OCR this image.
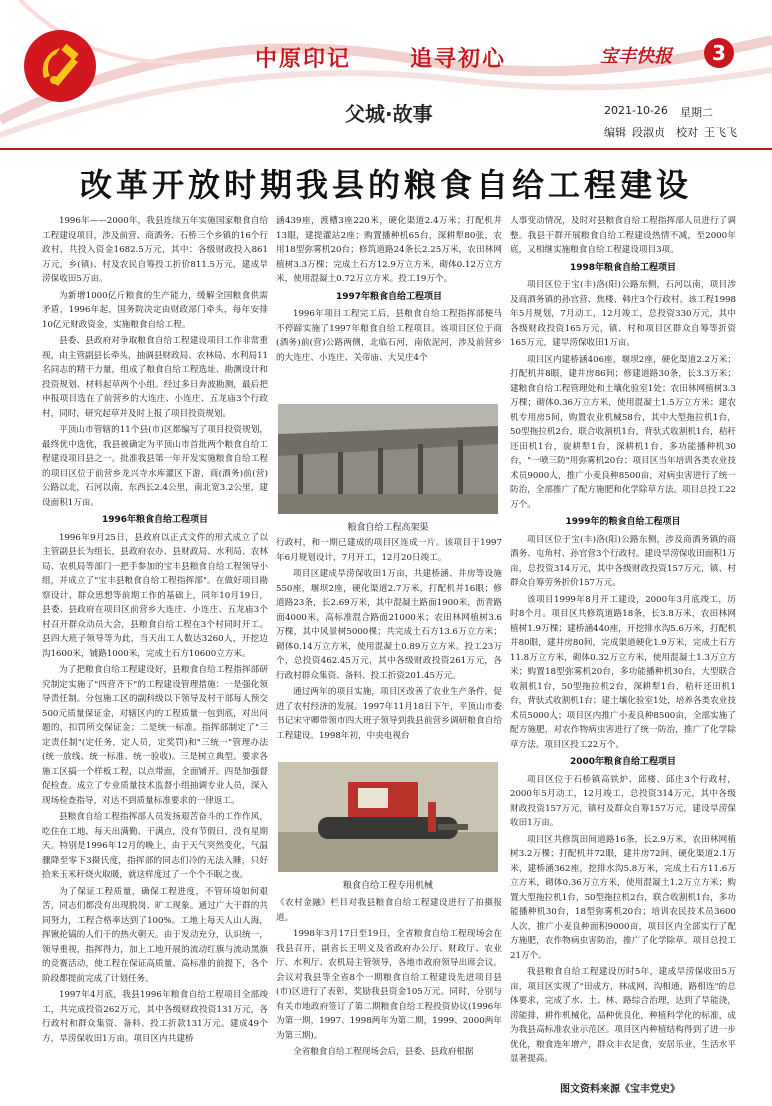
中原印记	追寻初心	宝丰快报	3
父城·故事	2021-10-26 星期二
编辑 段淑贞 校对 王飞飞
改革开放时期我县的粮食自给工程建设

1996年——2000年，我县连续五年实施国家粮食自给工程建设项目，涉及前营、商酒务、石桥三个乡镇的16个行政村，共投入资金1682.5万元，其中：各级财政投入861万元，乡(镇)、村及农民自筹投工折价811.5万元，建成旱涝保收田5万亩。

为新增1000亿斤粮食的生产能力，缓解全国粮食供需矛盾，1996年起，国务院决定由财政部门牵头，每年安排10亿元财政资金，实施粮食自给工程。

县委、县政府对争取粮食自给工程建设项目工作非常重视，由主管副县长牵头，抽调县财政局、农林局、水利局11名同志的精干力量，组成了粮食自给工程选址、勘测设计和投资规划、材料起草两个小组。经过多日奔波勘测，最后把申报项目选在了前营乡的大连庄、小连庄、五龙庙3个行政村，同时，研究起草并及时上报了项目投资规划。

平顶山市管辖的11个县(市)区都编写了项目投资规划，最终优中选优，我县被确定为平顶山市首批两个粮食自给工程建设项目县之一。批准我县第一年开发实施粮食自给工程的项目区位于前营乡龙兴寺水库灌区下游，商(酒务)前(营)公路以北，石河以南，东西长2.4公里，南北宽3.2公里，建设面积1万亩。

1996年粮食自给工程项目

1996年9月25日，县政府以正式文件的形式成立了以主管副县长为组长，县政府农办、县财政局、水利局、农林局、农机局等部门一把手参加的宝丰县粮食自给工程领导小组，并成立了"宝丰县粮食自给工程指挥部"。在做好项目勘察设计、群众思想等前期工作的基础上，同年10月19日，县委、县政府在项目区前营乡大连庄、小连庄、五龙庙3个村召开群众动员大会，县粮食自给工程在3个村同时开工。县四大班子领导等为此，当天出工人数达3260人，开挖边沟1600米，铺路1000米，完成土石方10600立方米。

为了把粮食自给工程建设好，县粮食自给工程指挥部研究制定实施了"四营齐下"的工程建设管理措施：一是强化领导责任制。分包施工区的副科级以下领导及村干部每人预交500元质量保证金，对辖区内的工程质量一包到底，对出问题的，扣罚所交保证金；二是统一标准。指挥部制定了"三定责任制"(定任务，定人员，定奖罚)和"三统一"管理办法(统一放线、统一标准、统一验收)。三是树立典型。要求各施工区搞一个样板工程，以点带面，全面铺开。四是加强督促检查。成立了专业质量技术监督小组抽调专业人员，深入现场检查指导，对达不到质量标准要求的一律返工。

县粮食自给工程指挥部人员发扬艰苦奋斗的工作作风，吃住在工地，每天出满勤、干满点，没有节假日，没有星期天。特别是1996年12月的晚上，由于天气突然变化，气温骤降至零下3摄氏度，指挥部的同志们冷的无法入睡，只好拾来玉米秆烧火取暖，就这样度过了一个个不眠之夜。

为了保证工程质量，确保工程进度，不管环境如何艰苦，同志们都没有出现脱岗、旷工现象。通过广大干群的共同努力，工程合格率达到了100%。工地上每天人山人海，挥锹抡镐的人们干的热火朝天。由于发动充分，认识统一，领导重视，指挥得力，加上工地开展的流动红旗与流动黑旗的竞赛活动，使工程在保证高质量、高标准的前提下，各个阶段都提前完成了计划任务。

1997年4月底，我县1996年粮食自给工程项目全部竣工，共完成投资262万元，其中各级财政投资131万元，各行政村和群众集资、备料、投工折款131万元。建成49个方，旱涝保收田1万亩。项目区内共建桥

涵439座，渡槽3座220米，硬化渠道2.4万米；打配机井13眼，建提灌站2座；购置播种机65台，深耕犁80张，农用18型弥雾机20台；修筑道路24条长2.25万米，农田林网植树3.3万棵；完成土石方12.9万立方米，砌体0.12万立方米，使用混凝土0.72万立方米。投工19万个。

1997年粮食自给工程项目

1996年项目工程完工后，县粮食自给工程指挥部便马不停蹄实施了1997年粮食自给工程项目。该项目区位于商(酒务)前(营)公路两侧，北临石河，南依泥河，涉及前营乡的大连庄、小连庄、关帝庙、大吴庄4个

粮食自给工程高架渠

行政村，和一期已建成的项目区连成一片。该项目于1997年6月规划设计，7月开工，12月20日竣工。

项目区建成旱涝保收田1万亩，共建桥涵、井房等设施550座，堰坝2座，硬化渠道2.7万米，打配机井16眼；修道路23条，长2.69万米，其中混凝土路面1900米，沥青路面4000米，高标准混合路面21000米；农田林网植树3.6万棵，其中风景树5000棵；共完成土石方13.6万立方米；砌体0.14万立方米，使用混凝土0.89万立方米。投工23万个，总投资462.45万元，其中各级财政投资261万元，各行政村群众集资、备料、投工折资201.45万元。

通过两年的项目实施，项目区改善了农业生产条件，促进了农村经济的发展。1997年11月18日下午，平顶山市委书记宋守卿带领市四大班子领导到我县前营乡调研粮食自给工程建设。1998年初，中央电视台

粮食自给工程专用机械

《农村金融》栏目对我县粮食自给工程建设进行了拍摄报道。

1998年3月17日至19日，全省粮食自给工程现场会在我县召开，副省长王明义及省政府办公厅、财政厅、农业厅、水利厅、农机局主管领导，各地市政府领导出席会议。会议对我县等全省8个一期粮食自给工程建设先进项目县(市)区进行了表彰，奖励我县资金105万元。同时，分别与有关市地政府签订了第二期粮食自给工程投资协议(1996年为第一期，1997、1998两年为第二期，1999、2000两年为第三期)。

全省粮食自给工程现场会后，县委、县政府根据

人事变动情况，及时对县粮食自给工程指挥部人员进行了调整。我县干群开展粮食自给工程建设热情不减，至2000年底，又相继实施粮食自给工程建设项目3项。

1998年粮食自给工程项目

项目区位于宝(丰)洛(阳)公路东侧，石河以南，项目涉及商酒务镇的孙官营、焦楼、韩庄3个行政村。该工程1998年5月规划，7月动工，12月竣工，总投资330万元，其中各级财政投资165万元，镇、村和项目区群众自筹等折资165万元，建旱涝保收田1万亩。

项目区内建桥涵406座，堰坝2座，硬化渠道2.2万米；打配机井8眼，建井房86间；修建道路30条，长3.3万米；建粮食自给工程管理处和土壤化验室1处；农田林网植树3.3万棵；砌体0.36万立方米，使用混凝土1.5万立方米；建农机专用房5间，购置农业机械58台，其中大型拖拉机1台，50型拖拉机2台，联合收割机1台，背驮式收割机1台，秸秆还田机1台，旋耕犁1台，深耕机1台，多功能播种机30台，"一喷三防"用弥雾机20台；项目区当年培训各类农业技术员9000人，推广小麦良种8500亩，对病虫害进行了统一防治，全部推广了配方施肥和化学除草方法。项目总投工22万个。

1999年的粮食自给工程项目

项目区位于宝(丰)洛(阳)公路东侧，涉及商酒务镇的商酒务、屯角村、孙官营3个行政村。建设旱涝保收田面积1万亩，总投资314万元，其中各级财政投资157万元，镇、村群众自筹劳务折价157万元。

该项目1999年8月开工建设，2000年3月底竣工，历时8个月。项目区共修筑道路18条，长3.8万米，农田林网植树1.9万棵；建桥涵440座，开挖排水沟5.6万米，打配机井80眼，建井房80间，完成渠道硬化1.9万米，完成土石方11.8万立方米，砌体0.32万立方米，使用混凝土1.3万立方米；购置18型弥雾机20台，多功能播种机30台，大型联合收割机1台，50型拖拉机2台，深耕犁1台，秸秆还田机1台，背驮式收割机1台；建土壤化验室1处，培养各类农业技术员5000人；项目区内推广小麦良种8500亩，全部实施了配方施肥，对农作物病虫害进行了统一防治，推广了化学除草方法。项目区投工22万个。

2000年粮食自给工程项目

项目区位于石桥镇高铁炉、邱楼、邱庄3个行政村，2000年5月动工，12月竣工，总投资314万元，其中各级财政投资157万元，镇村及群众自筹157万元，建设旱涝保收田1万亩。

项目区共修筑田间道路16条，长2.9万米，农田林网植树3.2万棵；打配机井72眼，建井房72间，硬化渠道2.1万米，建桥涵362座，挖排水沟5.8万米，完成土石方11.6万立方米，砌体0.36万立方米，使用混凝土1.2万立方米；购置大型拖拉机1台，50型拖拉机2台，联合收割机1台，多功能播种机30台，18型弥雾机20台；培训农民技术员3600人次，推广小麦良种面积9000亩，项目区内全部实行了配方施肥，农作物病虫害防治，推广了化学除草。项目总投工21万个。

我县粮食自给工程建设历时5年，建成旱涝保收田5万亩，项目区实现了"田成方，林成网，沟相通，路相连"的总体要求，完成了水、土、林、路综合治理，达到了旱能浇，涝能排，耕作机械化，品种优良化，种植科学化的标准，成为我县高标准农业示范区。项目区内种植结构得到了进一步优化，粮食连年增产，群众丰衣足食，安居乐业，生活水平显著提高。

图文资料来源《宝丰党史》
